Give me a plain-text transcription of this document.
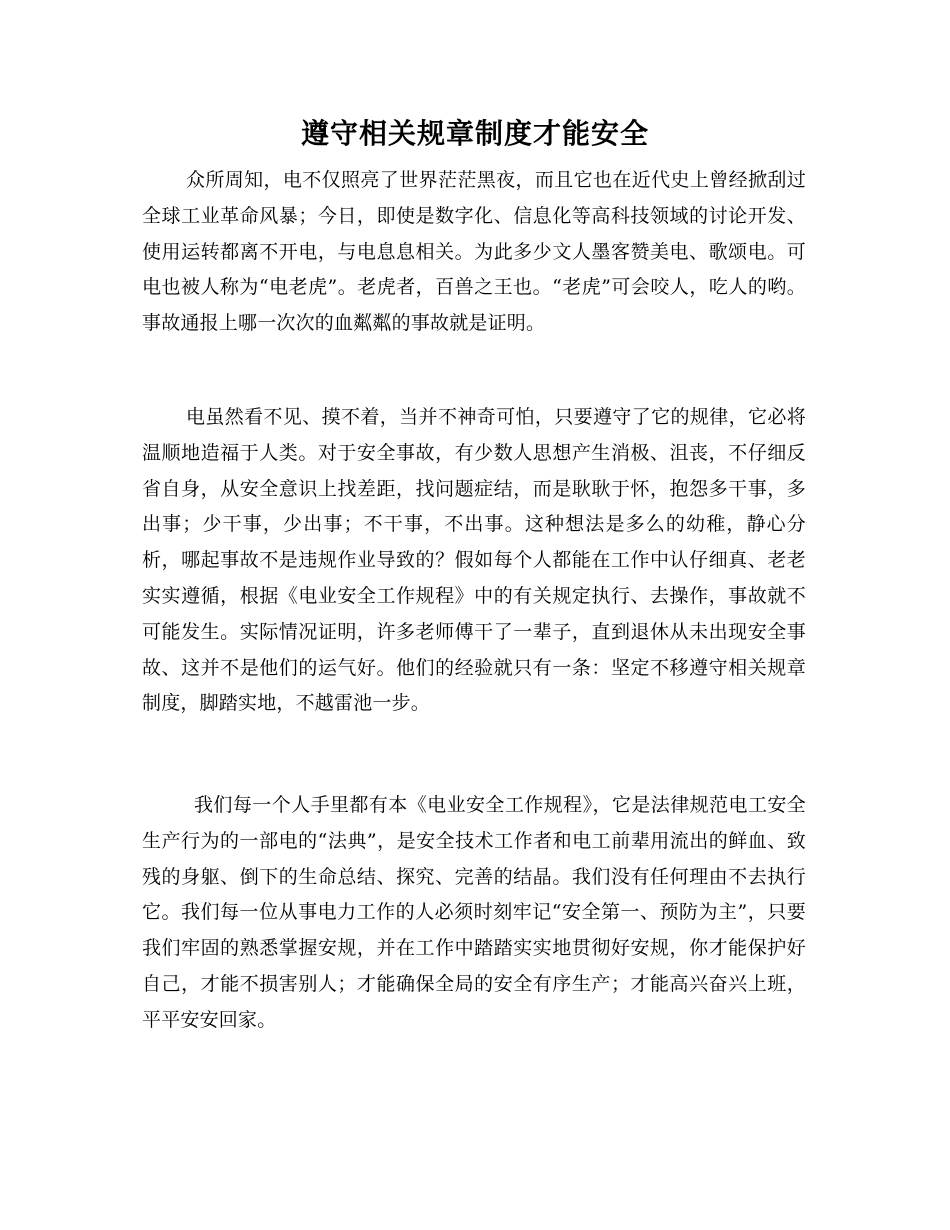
遵守相关规章制度才能安全

众所周知，电不仅照亮了世界茫茫黑夜，而且它也在近代史上曾经掀刮过全球工业革命风暴；今日，即使是数字化、信息化等高科技领域的讨论开发、使用运转都离不开电，与电息息相关。为此多少文人墨客赞美电、歌颂电。可电也被人称为“电老虎”。老虎者，百兽之王也。“老虎”可会咬人，吃人的哟。事故通报上哪一次次的血粼粼的事故就是证明。

电虽然看不见、摸不着，当并不神奇可怕，只要遵守了它的规律，它必将温顺地造福于人类。对于安全事故，有少数人思想产生消极、沮丧，不仔细反省自身，从安全意识上找差距，找问题症结，而是耿耿于怀，抱怨多干事，多出事；少干事，少出事；不干事，不出事。这种想法是多么的幼稚，静心分析，哪起事故不是违规作业导致的？假如每个人都能在工作中认仔细真、老老实实遵循，根据《电业安全工作规程》中的有关规定执行、去操作，事故就不可能发生。实际情况证明，许多老师傅干了一辈子，直到退休从未出现安全事故、这并不是他们的运气好。他们的经验就只有一条：坚定不移遵守相关规章制度，脚踏实地，不越雷池一步。

我们每一个人手里都有本《电业安全工作规程》，它是法律规范电工安全生产行为的一部电的“法典”，是安全技术工作者和电工前辈用流出的鲜血、致残的身躯、倒下的生命总结、探究、完善的结晶。我们没有任何理由不去执行它。我们每一位从事电力工作的人必须时刻牢记“安全第一、预防为主”，只要我们牢固的熟悉掌握安规，并在工作中踏踏实实地贯彻好安规，你才能保护好自己，才能不损害别人；才能确保全局的安全有序生产；才能高兴奋兴上班，平平安安回家。
